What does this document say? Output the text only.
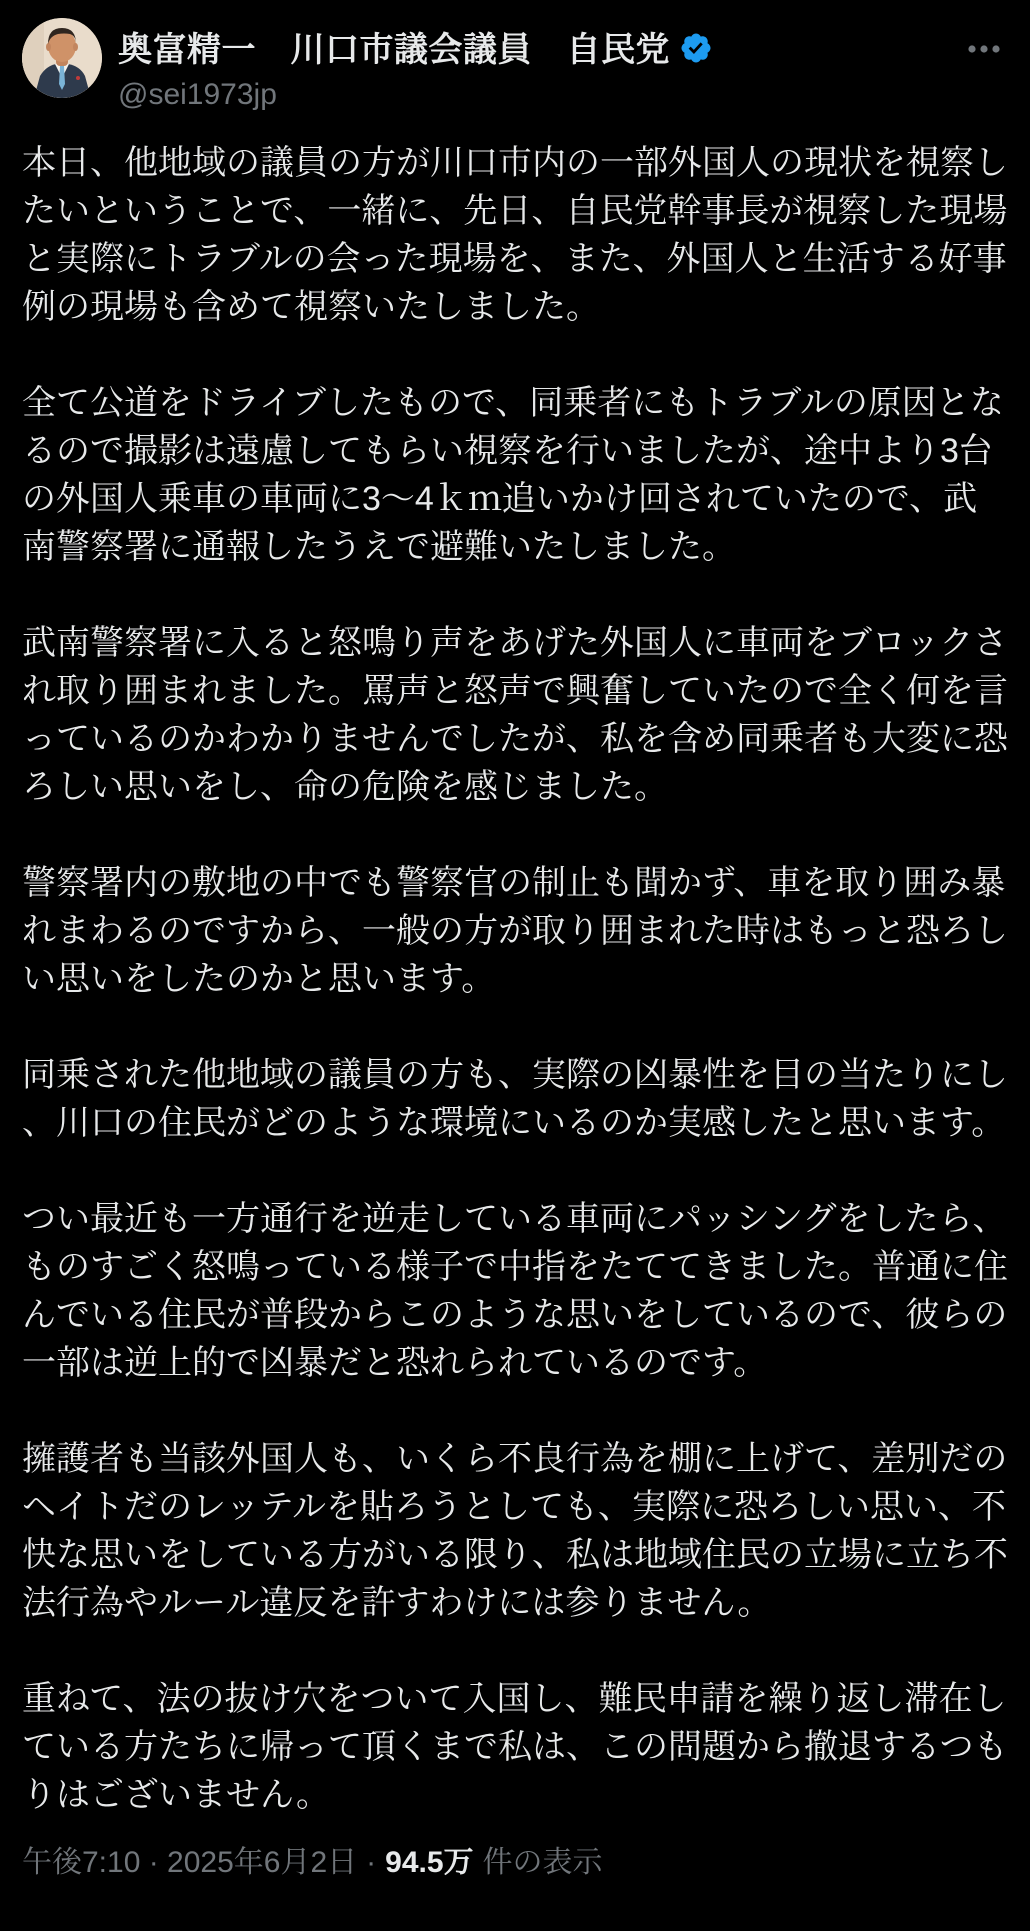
奥富精一　川口市議会議員　自民党
@sei1973jp

本日、他地域の議員の方が川口市内の一部外国人の現状を視察したいということで、一緒に、先日、自民党幹事長が視察した現場と実際にトラブルの会った現場を、また、外国人と生活する好事例の現場も含めて視察いたしました。

全て公道をドライブしたもので、同乗者にもトラブルの原因となるので撮影は遠慮してもらい視察を行いましたが、途中より3台の外国人乗車の車両に3～4ｋｍ追いかけ回されていたので、武南警察署に通報したうえで避難いたしました。

武南警察署に入ると怒鳴り声をあげた外国人に車両をブロックされ取り囲まれました。罵声と怒声で興奮していたので全く何を言っているのかわかりませんでしたが、私を含め同乗者も大変に恐ろしい思いをし、命の危険を感じました。

警察署内の敷地の中でも警察官の制止も聞かず、車を取り囲み暴れまわるのですから、一般の方が取り囲まれた時はもっと恐ろしい思いをしたのかと思います。

同乗された他地域の議員の方も、実際の凶暴性を目の当たりにし、川口の住民がどのような環境にいるのか実感したと思います。

つい最近も一方通行を逆走している車両にパッシングをしたら、ものすごく怒鳴っている様子で中指をたててきました。普通に住んでいる住民が普段からこのような思いをしているので、彼らの一部は逆上的で凶暴だと恐れられているのです。

擁護者も当該外国人も、いくら不良行為を棚に上げて、差別だのヘイトだのレッテルを貼ろうとしても、実際に恐ろしい思い、不快な思いをしている方がいる限り、私は地域住民の立場に立ち不法行為やルール違反を許すわけには参りません。

重ねて、法の抜け穴をついて入国し、難民申請を繰り返し滞在している方たちに帰って頂くまで私は、この問題から撤退するつもりはございません。

午後7:10 · 2025年6月2日 · 94.5万 件の表示
